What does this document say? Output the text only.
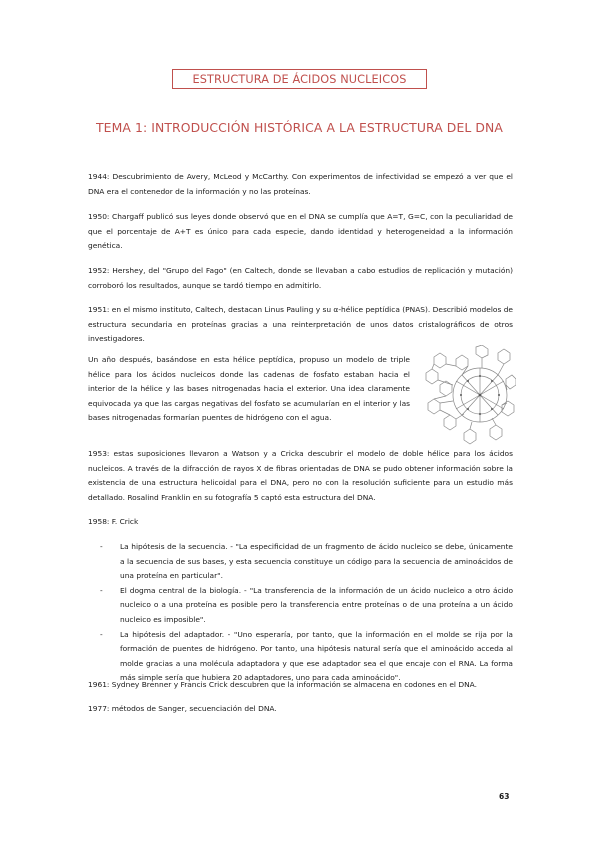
ESTRUCTURA DE ÁCIDOS NUCLEICOS
TEMA 1: INTRODUCCIÓN HISTÓRICA A LA ESTRUCTURA DEL DNA

1944: Descubrimiento de Avery, McLeod y McCarthy. Con experimentos de infectividad se empezó a ver que el DNA era el contenedor de la información y no las proteínas.

1950: Chargaff publicó sus leyes donde observó que en el DNA se cumplía que A=T, G=C, con la peculiaridad de que el porcentaje de A+T es único para cada especie, dando identidad y heterogeneidad a la información genética.

1952: Hershey, del "Grupo del Fago" (en Caltech, donde se llevaban a cabo estudios de replicación y mutación) corroboró los resultados, aunque se tardó tiempo en admitirlo.

1951: en el mismo instituto, Caltech, destacan Linus Pauling y su α-hélice peptídica (PNAS). Describió modelos de estructura secundaria en proteínas gracias a una reinterpretación de unos datos cristalográficos de otros investigadores.

Un año después, basándose en esta hélice peptídica, propuso un modelo de triple hélice para los ácidos nucleicos donde las cadenas de fosfato estaban hacia el interior de la hélice y las bases nitrogenadas hacia el exterior. Una idea claramente equivocada ya que las cargas negativas del fosfato se acumularían en el interior y las bases nitrogenadas formarían puentes de hidrógeno con el agua.

1953: estas suposiciones llevaron a Watson y a Cricka descubrir el modelo de doble hélice para los ácidos nucleicos. A través de la difracción de rayos X de fibras orientadas de DNA se pudo obtener información sobre la existencia de una estructura helicoidal para el DNA, pero no con la resolución suficiente para un estudio más detallado. Rosalind Franklin en su fotografía 5 captó esta estructura del DNA.

1958: F. Crick

- La hipótesis de la secuencia. - "La especificidad de un fragmento de ácido nucleico se debe, únicamente a la secuencia de sus bases, y esta secuencia constituye un código para la secuencia de aminoácidos de una proteína en particular".
- El dogma central de la biología. - "La transferencia de la información de un ácido nucleico a otro ácido nucleico o a una proteína es posible pero la transferencia entre proteínas o de una proteína a un ácido nucleico es imposible".
- La hipótesis del adaptador. - "Uno esperaría, por tanto, que la información en el molde se rija por la formación de puentes de hidrógeno. Por tanto, una hipótesis natural sería que el aminoácido acceda al molde gracias a una molécula adaptadora y que ese adaptador sea el que encaje con el RNA. La forma más simple sería que hubiera 20 adaptadores, uno para cada aminoácido".

1961: Sydney Brenner y Francis Crick descubren que la información se almacena en codones en el DNA.

1977: métodos de Sanger, secuenciación del DNA.

63
